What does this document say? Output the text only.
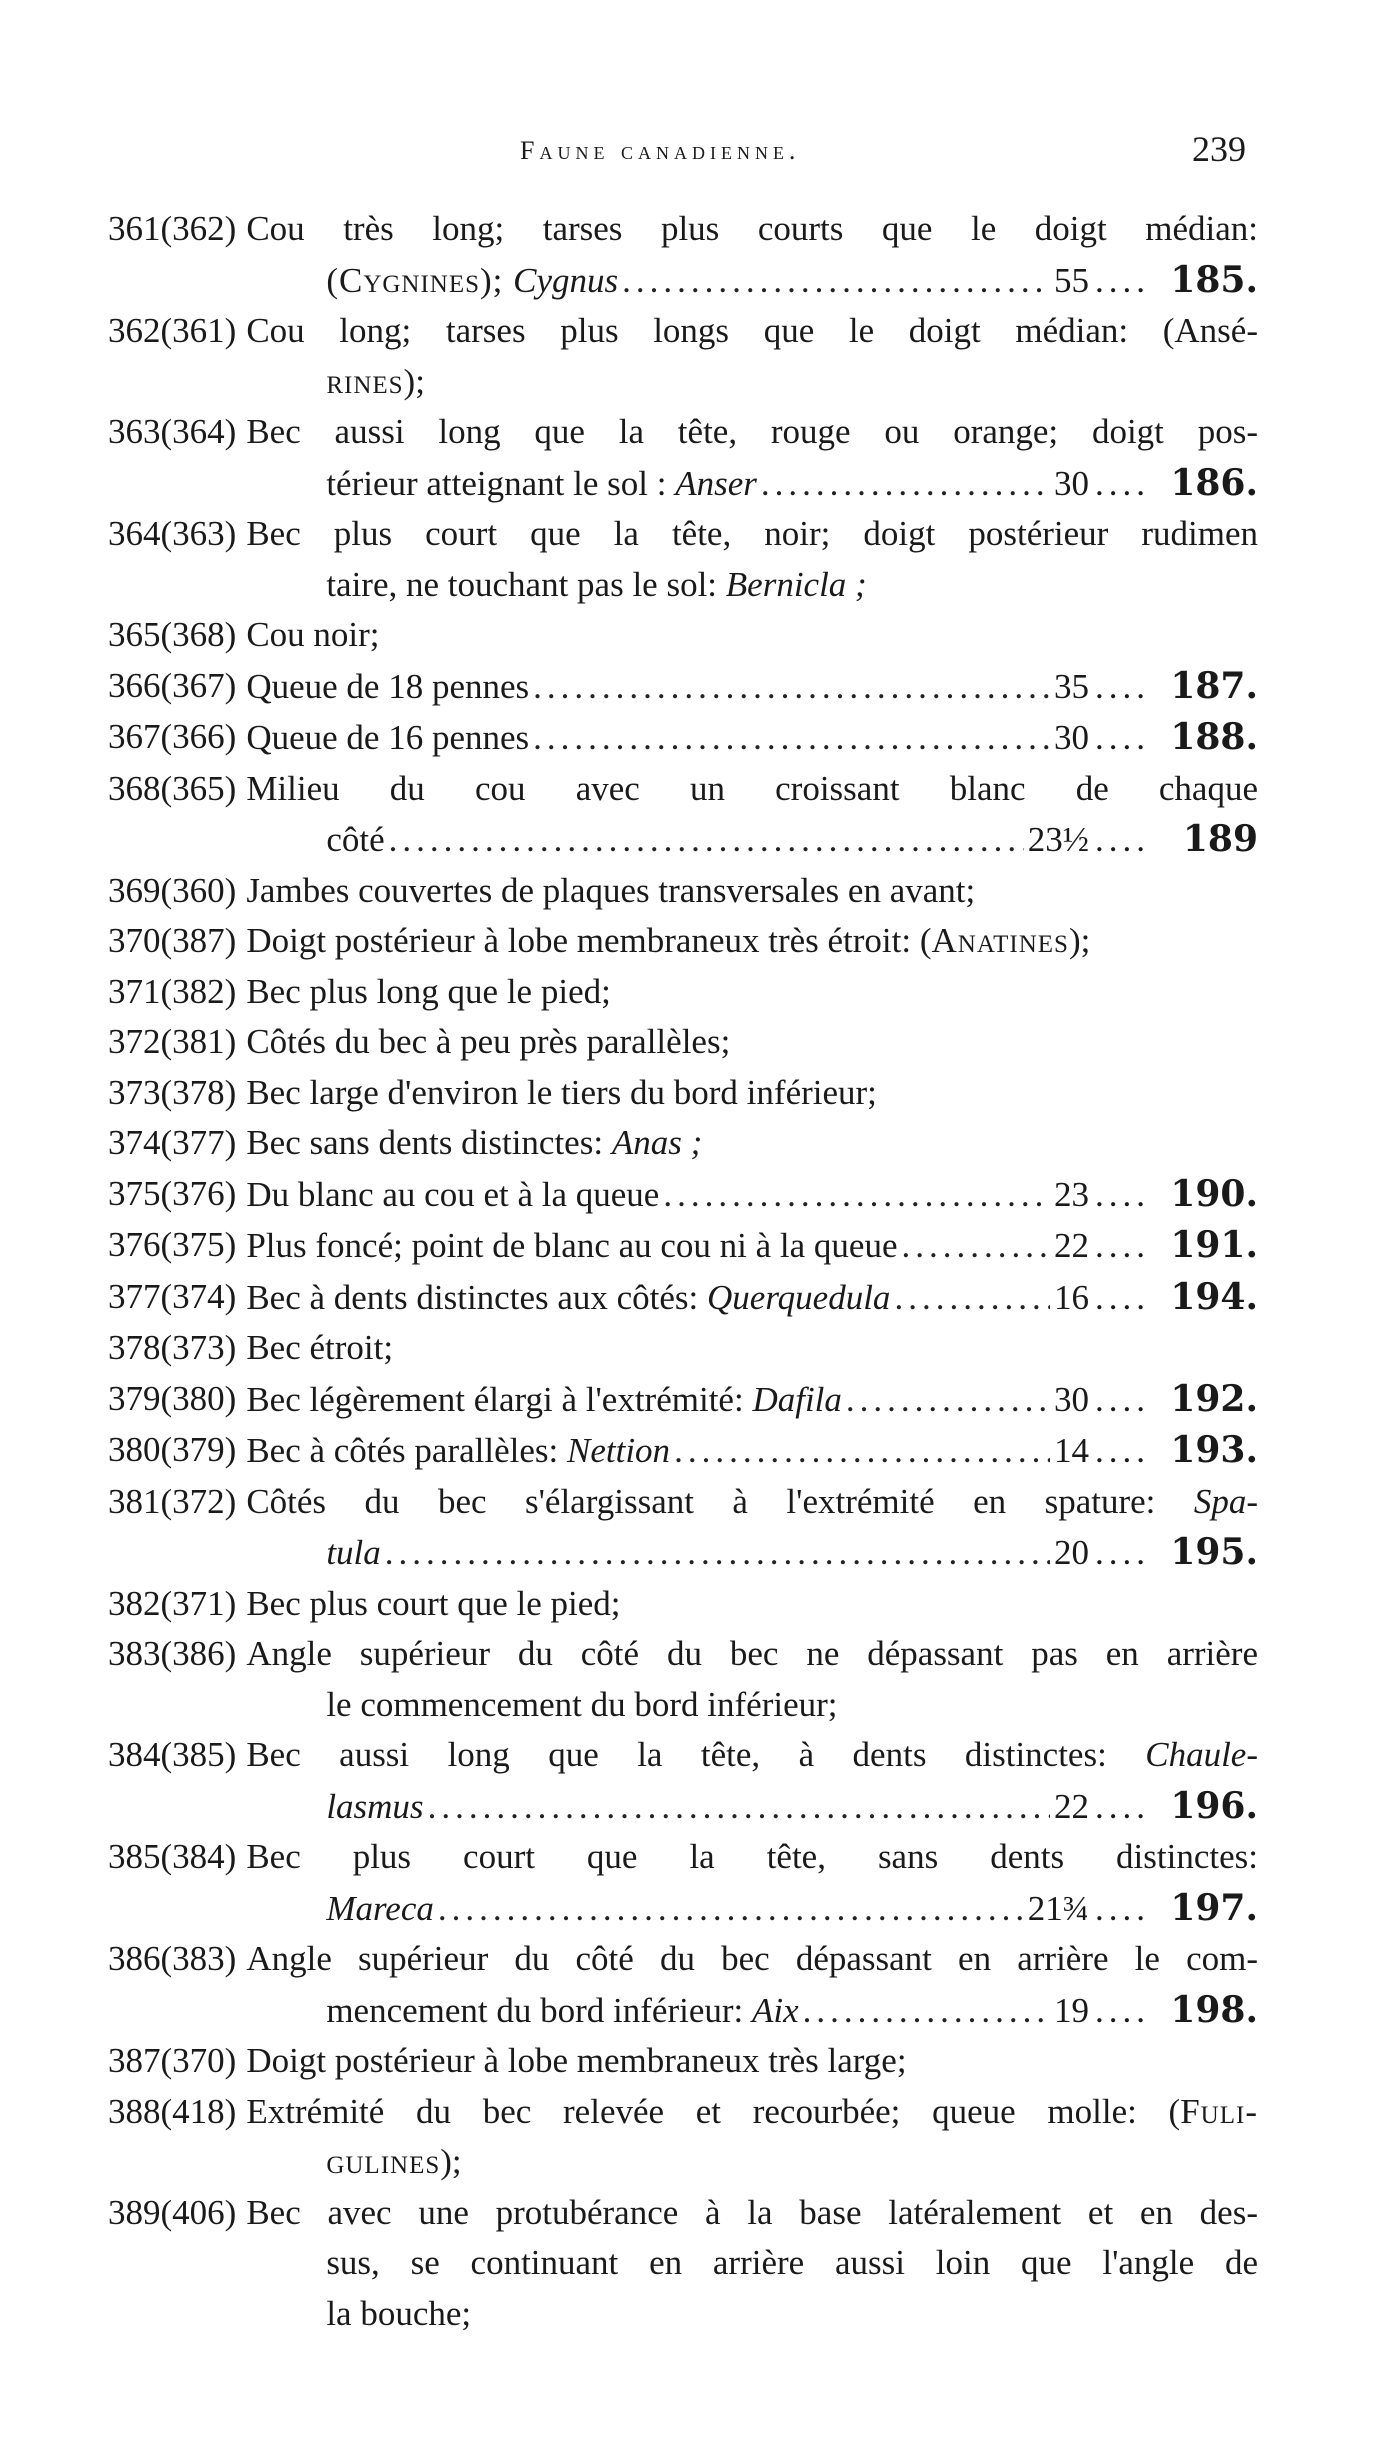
Faune canadienne.	239
361(362) Cou très long; tarses plus courts que le doigt médian:
(Cygnines); Cygnus .....	55 .... 185.
362(361) Cou long; tarses plus longs que le doigt médian: (Ansé-
rines);
363(364) Bec aussi long que la tête, rouge ou orange; doigt pos-
térieur atteignant le sol : Anser .....	30 .... 186.
364(363) Bec plus court que la tête, noir; doigt postérieur rudimen
taire, ne touchant pas le sol: Bernicla ;
365(368) Cou noir;
366(367) Queue de 18 pennes .....	35 .... 187.
367(366) Queue de 16 pennes .....	30 .... 188.
368(365) Milieu du cou avec un croissant blanc de chaque
côté .....	23½ .... 189
369(360) Jambes couvertes de plaques transversales en avant;
370(387) Doigt postérieur à lobe membraneux très étroit: (Anatines);
371(382) Bec plus long que le pied;
372(381) Côtés du bec à peu près parallèles;
373(378) Bec large d'environ le tiers du bord inférieur;
374(377) Bec sans dents distinctes: Anas ;
375(376) Du blanc au cou et à la queue .....	23 .... 190.
376(375) Plus foncé; point de blanc au cou ni à la queue .....	22 .... 191.
377(374) Bec à dents distinctes aux côtés: Querquedula .....	16 .... 194.
378(373) Bec étroit;
379(380) Bec légèrement élargi à l'extrémité: Dafila .....	30 .... 192.
380(379) Bec à côtés parallèles: Nettion .....	14 .... 193.
381(372) Côtés du bec s'élargissant à l'extrémité en spature: Spa-
tula .....	20 .... 195.
382(371) Bec plus court que le pied;
383(386) Angle supérieur du côté du bec ne dépassant pas en arrière
le commencement du bord inférieur;
384(385) Bec aussi long que la tête, à dents distinctes: Chaule-
lasmus .....	22 .... 196.
385(384) Bec plus court que la tête, sans dents distinctes:
Mareca .....	21¾ .... 197.
386(383) Angle supérieur du côté du bec dépassant en arrière le com-
mencement du bord inférieur: Aix .....	19 .... 198.
387(370) Doigt postérieur à lobe membraneux très large;
388(418) Extrémité du bec relevée et recourbée; queue molle: (Fuli-
gulines);
389(406) Bec avec une protubérance à la base latéralement et en des-
sus, se continuant en arrière aussi loin que l'angle de
la bouche;
